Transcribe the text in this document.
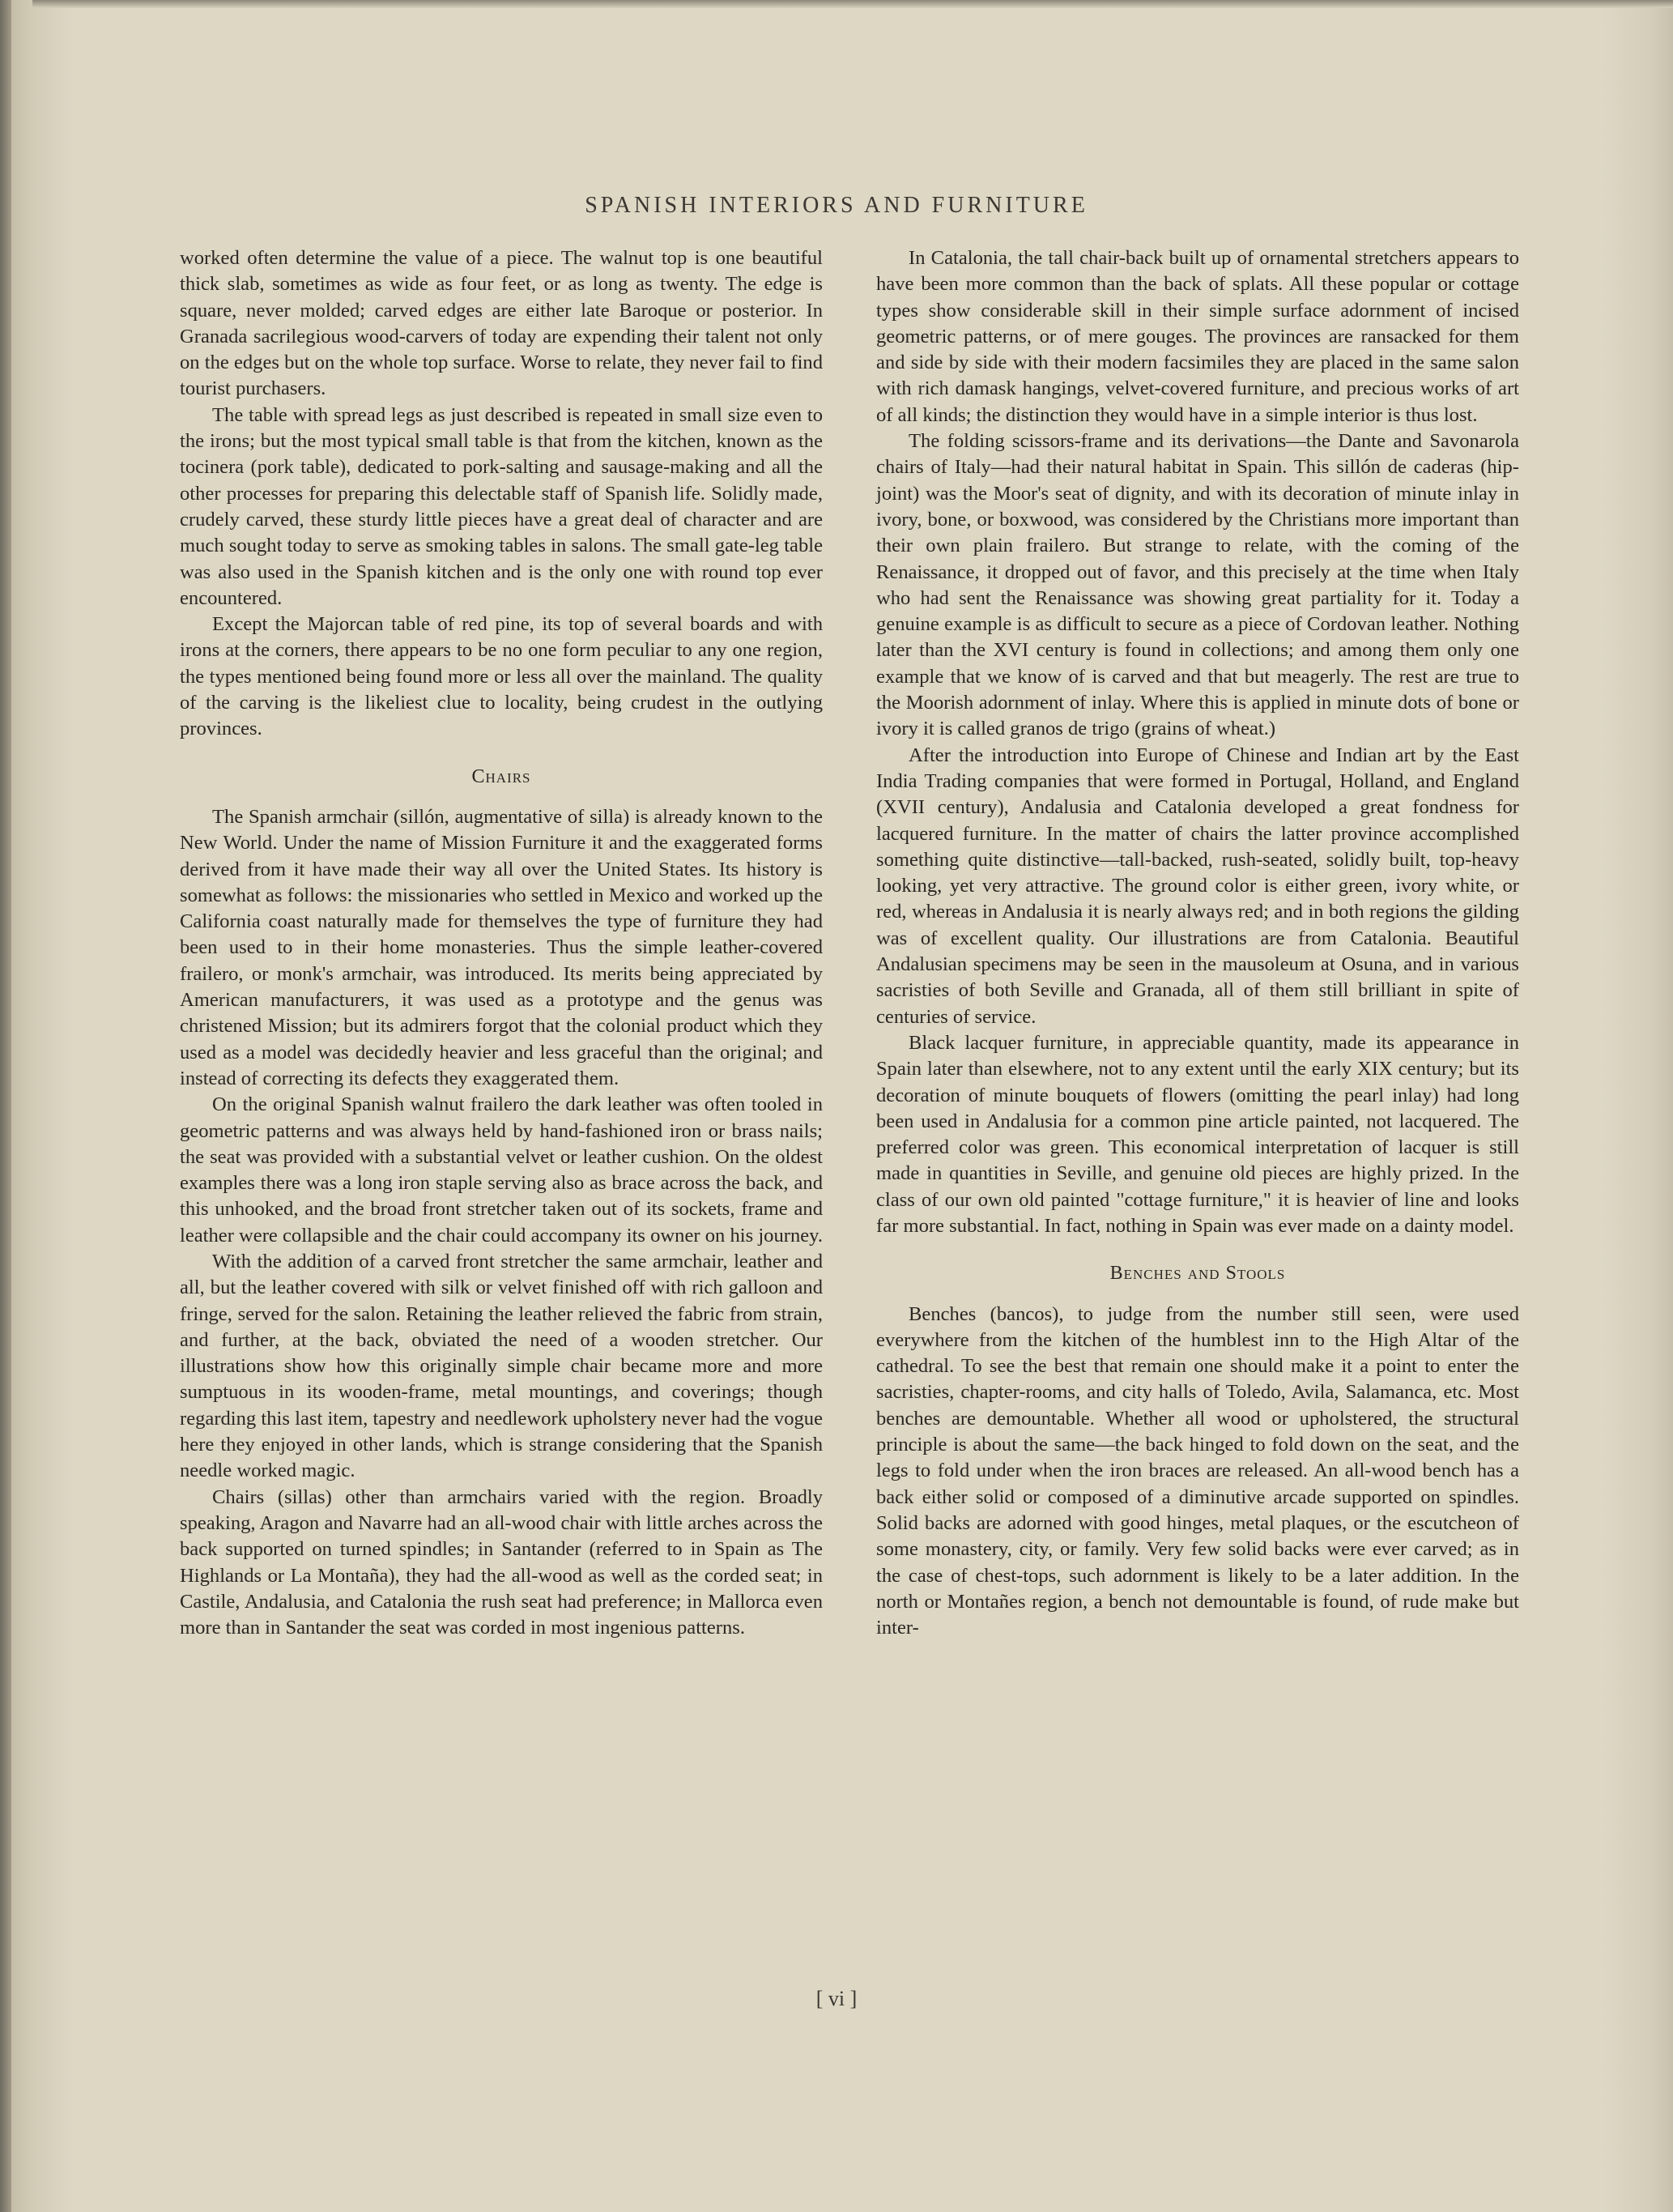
SPANISH INTERIORS AND FURNITURE

worked often determine the value of a piece. The walnut top is one beautiful thick slab, sometimes as wide as four feet, or as long as twenty. The edge is square, never molded; carved edges are either late Baroque or posterior. In Granada sacrilegious wood-carvers of today are expending their talent not only on the edges but on the whole top surface. Worse to relate, they never fail to find tourist purchasers.

The table with spread legs as just described is repeated in small size even to the irons; but the most typical small table is that from the kitchen, known as the tocinera (pork table), dedicated to pork-salting and sausage-making and all the other processes for preparing this delectable staff of Spanish life. Solidly made, crudely carved, these sturdy little pieces have a great deal of character and are much sought today to serve as smoking tables in salons. The small gate-leg table was also used in the Spanish kitchen and is the only one with round top ever encountered.

Except the Majorcan table of red pine, its top of several boards and with irons at the corners, there appears to be no one form peculiar to any one region, the types mentioned being found more or less all over the mainland. The quality of the carving is the likeliest clue to locality, being crudest in the outlying provinces.

Chairs

The Spanish armchair (sillón, augmentative of silla) is already known to the New World. Under the name of Mission Furniture it and the exaggerated forms derived from it have made their way all over the United States. Its history is somewhat as follows: the missionaries who settled in Mexico and worked up the California coast naturally made for themselves the type of furniture they had been used to in their home monasteries. Thus the simple leather-covered frailero, or monk's armchair, was introduced. Its merits being appreciated by American manufacturers, it was used as a prototype and the genus was christened Mission; but its admirers forgot that the colonial product which they used as a model was decidedly heavier and less graceful than the original; and instead of correcting its defects they exaggerated them.

On the original Spanish walnut frailero the dark leather was often tooled in geometric patterns and was always held by hand-fashioned iron or brass nails; the seat was provided with a substantial velvet or leather cushion. On the oldest examples there was a long iron staple serving also as brace across the back, and this unhooked, and the broad front stretcher taken out of its sockets, frame and leather were collapsible and the chair could accompany its owner on his journey.

With the addition of a carved front stretcher the same armchair, leather and all, but the leather covered with silk or velvet finished off with rich galloon and fringe, served for the salon. Retaining the leather relieved the fabric from strain, and further, at the back, obviated the need of a wooden stretcher. Our illustrations show how this originally simple chair became more and more sumptuous in its wooden-frame, metal mountings, and coverings; though regarding this last item, tapestry and needlework upholstery never had the vogue here they enjoyed in other lands, which is strange considering that the Spanish needle worked magic.

Chairs (sillas) other than armchairs varied with the region. Broadly speaking, Aragon and Navarre had an all-wood chair with little arches across the back supported on turned spindles; in Santander (referred to in Spain as The Highlands or La Montaña), they had the all-wood as well as the corded seat; in Castile, Andalusia, and Catalonia the rush seat had preference; in Mallorca even more than in Santander the seat was corded in most ingenious patterns.

In Catalonia, the tall chair-back built up of ornamental stretchers appears to have been more common than the back of splats. All these popular or cottage types show considerable skill in their simple surface adornment of incised geometric patterns, or of mere gouges. The provinces are ransacked for them and side by side with their modern facsimiles they are placed in the same salon with rich damask hangings, velvet-covered furniture, and precious works of art of all kinds; the distinction they would have in a simple interior is thus lost.

The folding scissors-frame and its derivations—the Dante and Savonarola chairs of Italy—had their natural habitat in Spain. This sillón de caderas (hip-joint) was the Moor's seat of dignity, and with its decoration of minute inlay in ivory, bone, or boxwood, was considered by the Christians more important than their own plain frailero. But strange to relate, with the coming of the Renaissance, it dropped out of favor, and this precisely at the time when Italy who had sent the Renaissance was showing great partiality for it. Today a genuine example is as difficult to secure as a piece of Cordovan leather. Nothing later than the XVI century is found in collections; and among them only one example that we know of is carved and that but meagerly. The rest are true to the Moorish adornment of inlay. Where this is applied in minute dots of bone or ivory it is called granos de trigo (grains of wheat.)

After the introduction into Europe of Chinese and Indian art by the East India Trading companies that were formed in Portugal, Holland, and England (XVII century), Andalusia and Catalonia developed a great fondness for lacquered furniture. In the matter of chairs the latter province accomplished something quite distinctive—tall-backed, rush-seated, solidly built, top-heavy looking, yet very attractive. The ground color is either green, ivory white, or red, whereas in Andalusia it is nearly always red; and in both regions the gilding was of excellent quality. Our illustrations are from Catalonia. Beautiful Andalusian specimens may be seen in the mausoleum at Osuna, and in various sacristies of both Seville and Granada, all of them still brilliant in spite of centuries of service.

Black lacquer furniture, in appreciable quantity, made its appearance in Spain later than elsewhere, not to any extent until the early XIX century; but its decoration of minute bouquets of flowers (omitting the pearl inlay) had long been used in Andalusia for a common pine article painted, not lacquered. The preferred color was green. This economical interpretation of lacquer is still made in quantities in Seville, and genuine old pieces are highly prized. In the class of our own old painted "cottage furniture," it is heavier of line and looks far more substantial. In fact, nothing in Spain was ever made on a dainty model.

Benches and Stools

Benches (bancos), to judge from the number still seen, were used everywhere from the kitchen of the humblest inn to the High Altar of the cathedral. To see the best that remain one should make it a point to enter the sacristies, chapter-rooms, and city halls of Toledo, Avila, Salamanca, etc. Most benches are demountable. Whether all wood or upholstered, the structural principle is about the same—the back hinged to fold down on the seat, and the legs to fold under when the iron braces are released. An all-wood bench has a back either solid or composed of a diminutive arcade supported on spindles. Solid backs are adorned with good hinges, metal plaques, or the escutcheon of some monastery, city, or family. Very few solid backs were ever carved; as in the case of chest-tops, such adornment is likely to be a later addition. In the north or Montañes region, a bench not demountable is found, of rude make but inter-

[ vi ]
